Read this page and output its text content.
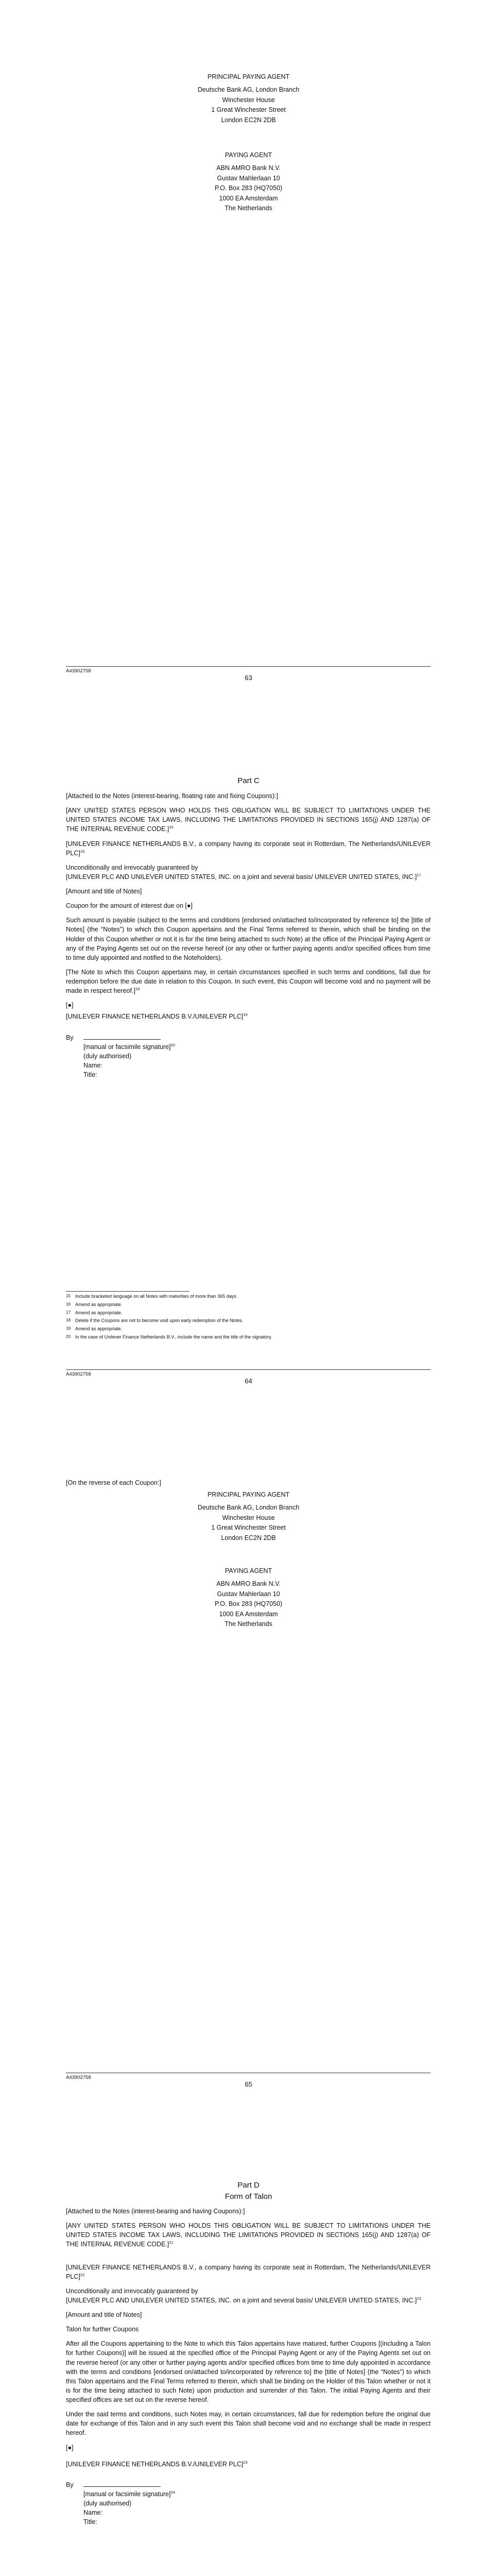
PRINCIPAL PAYING AGENT
Deutsche Bank AG, London Branch
Winchester House
1 Great Winchester Street
London EC2N 2DB
PAYING AGENT
ABN AMRO Bank N.V.
Gustav Mahlerlaan 10
P.O. Box 283 (HQ7050)
1000 EA Amsterdam
The Netherlands
A43902758
63
Part C

[Attached to the Notes (interest-bearing, floating rate and fixing Coupons):]

[ANY UNITED STATES PERSON WHO HOLDS THIS OBLIGATION WILL BE SUBJECT TO LIMITATIONS UNDER THE UNITED STATES INCOME TAX LAWS, INCLUDING THE LIMITATIONS PROVIDED IN SECTIONS 165(j) AND 1287(a) OF THE INTERNAL REVENUE CODE.]$^{15}$

[UNILEVER FINANCE NETHERLANDS B.V., a company having its corporate seat in Rotterdam, The Netherlands/UNILEVER PLC]$^{16}$

Unconditionally and irrevocably guaranteed by
[UNILEVER PLC AND UNILEVER UNITED STATES, INC. on a joint and several basis/ UNILEVER UNITED STATES, INC.]$^{17}$

[Amount and title of Notes]

Coupon for the amount of interest due on [●]

Such amount is payable (subject to the terms and conditions [endorsed on/attached to/incorporated by reference to] the [title of Notes] (the “Notes”) to which this Coupon appertains and the Final Terms referred to therein, which shall be binding on the Holder of this Coupon whether or not it is for the time being attached to such Note) at the office of the Principal Paying Agent or any of the Paying Agents set out on the reverse hereof (or any other or further paying agents and/or specified offices from time to time duly appointed and notified to the Noteholders).

[The Note to which this Coupon appertains may, in certain circumstances specified in such terms and conditions, fall due for redemption before the due date in relation to this Coupon. In such event, this Coupon will become void and no payment will be made in respect hereof.]$^{18}$

[●]

[UNILEVER FINANCE NETHERLANDS B.V./UNILEVER PLC]$^{19}$

By
[manual or facsimile signature]$^{20}$
(duly authorised)
Name:
Title:
15	Include bracketed language on all Notes with maturities of more than 365 days.
16	Amend as appropriate.
17	Amend as appropriate.
18	Delete if the Coupons are not to become void upon early redemption of the Notes.
19	Amend as appropriate.
20	In the case of Unilever Finance Netherlands B.V., include the name and the title of the signatory.
A43902758
64
[On the reverse of each Coupon:]
PRINCIPAL PAYING AGENT
Deutsche Bank AG, London Branch
Winchester House
1 Great Winchester Street
London EC2N 2DB
PAYING AGENT
ABN AMRO Bank N.V.
Gustav Mahlerlaan 10
P.O. Box 283 (HQ7050)
1000 EA Amsterdam
The Netherlands
A43902758
65
Part D
Form of Talon

[Attached to the Notes (interest-bearing and having Coupons):]

[ANY UNITED STATES PERSON WHO HOLDS THIS OBLIGATION WILL BE SUBJECT TO LIMITATIONS UNDER THE UNITED STATES INCOME TAX LAWS, INCLUDING THE LIMITATIONS PROVIDED IN SECTIONS 165(j) AND 1287(a) OF THE INTERNAL REVENUE CODE.]$^{21}$

[UNILEVER FINANCE NETHERLANDS B.V., a company having its corporate seat in Rotterdam, The Netherlands/UNILEVER PLC]$^{22}$

Unconditionally and irrevocably guaranteed by
[UNILEVER PLC AND UNILEVER UNITED STATES, INC. on a joint and several basis/ UNILEVER UNITED STATES, INC.]$^{23}$

[Amount and title of Notes]

Talon for further Coupons

After all the Coupons appertaining to the Note to which this Talon appertains have matured, further Coupons [(including a Talon for further Coupons)] will be issued at the specified office of the Principal Paying Agent or any of the Paying Agents set out on the reverse hereof (or any other or further paying agents and/or specified offices from time to time duly appointed in accordance with the terms and conditions [endorsed on/attached to/incorporated by reference to] the [title of Notes] (the “Notes”) to which this Talon appertains and the Final Terms referred to therein, which shall be binding on the Holder of this Talon whether or not it is for the time being attached to such Note) upon production and surrender of this Talon. The initial Paying Agents and their specified offices are set out on the reverse hereof.

Under the said terms and conditions, such Notes may, in certain circumstances, fall due for redemption before the original due date for exchange of this Talon and in any such event this Talon shall become void and no exchange shall be made in respect hereof.

[●]

[UNILEVER FINANCE NETHERLANDS B.V./UNILEVER PLC]$^{23}$

By
[manual or facsimile signature]$^{24}$
(duly authorised)
Name:
Title:
